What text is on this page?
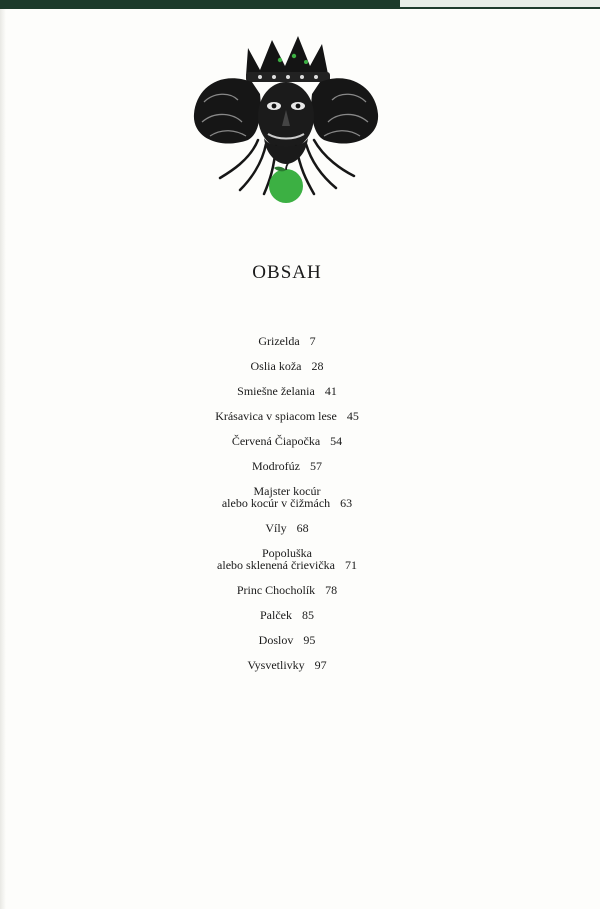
OBSAH
Grizelda 7
Oslia koža 28
Smiešne želania 41
Krásavica v spiacom lese 45
Červená Čiapočka 54
Modrofúz 57
Majster kocúr
alebo kocúr v čižmách 63
Víly 68
Popoluška
alebo sklenená črievička 71
Princ Chocholík 78
Palček 85
Doslov 95
Vysvetlivky 97
